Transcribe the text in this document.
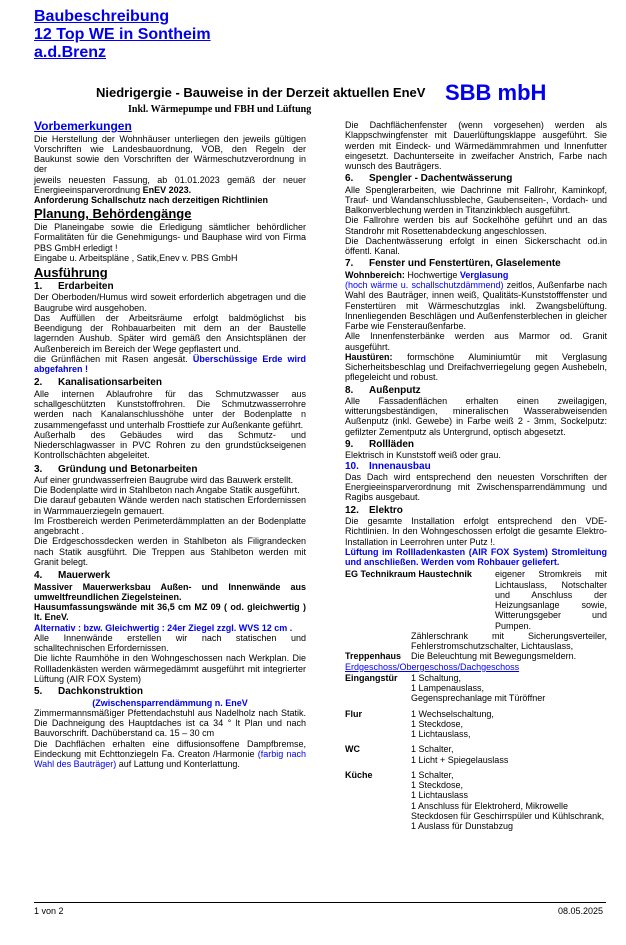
Baubeschreibung
12 Top WE in Sontheim
a.d.Brenz
Niedrigergie - Bauweise in der Derzeit aktuellen EneV SBB mbH
Inkl. Wärmepumpe und FBH und Lüftung

Vorbemerkungen

Die Herstellung der Wohnhäuser unterliegen den jeweils gültigen Vorschriften wie Landesbauordnung, VOB, den Regeln der Baukunst sowie den Vorschriften der Wärmeschutzverordnung in der

jeweils neuesten Fassung, ab 01.01.2023 gemäß der neuer Energieeinsparverordnung EnEV 2023.

Anforderung Schallschutz nach derzeitigen Richtlinien

Planung, Behördengänge

Die Planeingabe sowie die Erledigung sämtlicher behördlicher Formalitäten für die Genehmigungs- und Bauphase wird von Firma PBS GmbH erledigt !

Eingabe u. Arbeitspläne , Satik,Enev v. PBS GmbH

Ausführung

1.	Erdarbeiten

Der Oberboden/Humus wird soweit erforderlich abgetragen und die Baugrube wird ausgehoben.

Das Auffüllen der Arbeitsräume erfolgt baldmöglichst bis Beendigung der Rohbauarbeiten mit dem an der Baustelle lagernden Aushub. Später wird gemäß den Ansichtsplänen der Außenbereich im Bereich der Wege gepflastert und.

die Grünflächen mit Rasen angesät. Überschüssige Erde wird abgefahren !

2.	Kanalisationsarbeiten

Alle internen Ablaufrohre für das Schmutzwasser aus schallgeschützten Kunststoffrohren. Die Schmutzwasserrohre werden nach Kanalanschlusshöhe unter der Bodenplatte n zusammengefasst und unterhalb Frosttiefe zur Außenkante geführt.

Außerhalb des Gebäudes wird das Schmutz- und Niederschlagwasser in PVC Rohren zu den grundstückseigenen Kontrollschächten abgeleitet.

3.	Gründung und Betonarbeiten

Auf einer grundwasserfreien Baugrube wird das Bauwerk erstellt.

Die Bodenplatte wird in Stahlbeton nach Angabe Statik ausgeführt.

Die darauf gebauten Wände werden nach statischen Erfordernissen in Warmmauerziegeln gemauert.

Im Frostbereich werden Perimeterdämmplatten an der Bodenplatte angebracht .

Die Erdgeschossdecken werden in Stahlbeton als Filigrandecken nach Statik ausgführt. Die Treppen aus Stahlbeton werden mit Granit belegt.

4.	Mauerwerk

Massiver Mauerwerksbau Außen- und Innenwände aus umweltfreundlichen Ziegelsteinen.

Hausumfassungswände mit 36,5 cm MZ 09 ( od. gleichwertig ) lt. EneV.

Alternativ : bzw. Gleichwertig : 24er Ziegel zzgl. WVS 12 cm .

Alle Innenwände erstellen wir nach statischen und schalltechnischen Erfordernissen.

Die lichte Raumhöhe in den Wohngeschossen nach Werkplan. Die Rollladenkästen werden wärmegedämmt ausgeführt mit integrierter Lüftung (AIR FOX System)

5.	Dachkonstruktion

(Zwischensparrendämmung n. EneV

Zimmermannsmäßiger Pfettendachstuhl aus Nadelholz nach Statik. Die Dachneigung des Hauptdaches ist ca 34 ° lt Plan und nach Bauvorschrift. Dachüberstand ca. 15 – 30 cm

Die Dachflächen erhalten eine diffusionsoffene Dampfbremse, Eindeckung mit Echttonziegeln Fa. Creaton /Harmonie (farbig nach Wahl des Bauträger) auf Lattung und Konterlattung.

Die Dachflächenfenster (wenn vorgesehen) werden als Klappschwingfenster mit Dauerlüftungsklappe ausgeführt. Sie werden mit Eindeck- und Wärmedämmrahmen und Innenfutter eingesetzt. Dachunterseite in zweifacher Anstrich, Farbe nach wunsch des Bauträgers.

6.	Spengler - Dachentwässerung

Alle Spenglerarbeiten, wie Dachrinne mit Fallrohr, Kaminkopf, Trauf- und Wandanschlussbleche, Gaubenseiten-, Vordach- und Balkonverblechung werden in Titanzinkblech ausgeführt.

Die Fallrohre werden bis auf Sockelhöhe geführt und an das Standrohr mit Rosettenabdeckung angeschlossen.

Die Dachentwässerung erfolgt in einen Sickerschacht od.in öffentl. Kanal.

7.	Fenster und Fenstertüren, Glaselemente

Wohnbereich: Hochwertige Verglasung
(hoch wärme u. schallschutzdämmend) zeitlos, Außenfarbe nach Wahl des Bauträger, innen weiß, Qualitäts-Kunststofffenster und Fenstertüren mit Wärmeschutzglas inkl. Zwangsbelüftung. Innenliegenden Beschlägen und Außenfensterblechen in gleicher Farbe wie Fensteraußenfarbe.

Alle Innenfensterbänke werden aus Marmor od. Granit ausgeführt.

Haustüren: formschöne Aluminiumtür mit Verglasung Sicherheitsbeschlag und Dreifachverriegelung gegen Aushebeln, pflegeleicht und robust.

8.	Außenputz

Alle Fassadenflächen erhalten einen zweilagigen, witterungsbeständigen, mineralischen Wasserabweisenden Außenputz (inkl. Gewebe) in Farbe weiß 2 - 3mm, Sockelputz: gefilzter Zementputz als Untergrund, optisch abgesetzt.

9.	Rollläden

Elektrisch in Kunststoff weiß oder grau.

10.	Innenausbau

Das Dach wird entsprechend den neuesten Vorschriften der Energieeinsparverordnung mit Zwischensparrendämmung und Ragibs ausgebaut.

12.	Elektro

Die gesamte Installation erfolgt entsprechend den VDE-Richtlinien. In den Wohngeschossen erfolgt die gesamte Elektro-Installation in Leerrohren unter Putz !.

Lüftung im Rollladenkasten (AIR FOX System) Stromleitung und anschließen. Werden vom Rohbauer geliefert.

EG Technikraum Haustechnik	eigener Stromkreis mit Lichtauslass, Notschalter und Anschluss der Heizungsanlage sowie, Witterungsgeber und Pumpen.
Zählerschrank mit Sicherungsverteiler, Fehlerstromschutzschalter, Lichtauslass,
Treppenhaus	Die Beleuchtung mit Bewegungsmeldern.

Erdgeschoss/Obergeschoss/Dachgeschoss

Eingangstür	1 Schaltung,
1 Lampenauslass,
Gegensprechanlage mit Türöffner
Flur	1 Wechselschaltung,
1 Steckdose,
1 Lichtauslass,
WC	1 Schalter,
1 Licht + Spiegelauslass
Küche	1 Schalter,
1 Steckdose,
1 Lichtauslass
1 Anschluss für Elektroherd, Mikrowelle Steckdosen für Geschirrspüler und Kühlschrank,
1 Auslass für Dunstabzug
1 von 2	08.05.2025
